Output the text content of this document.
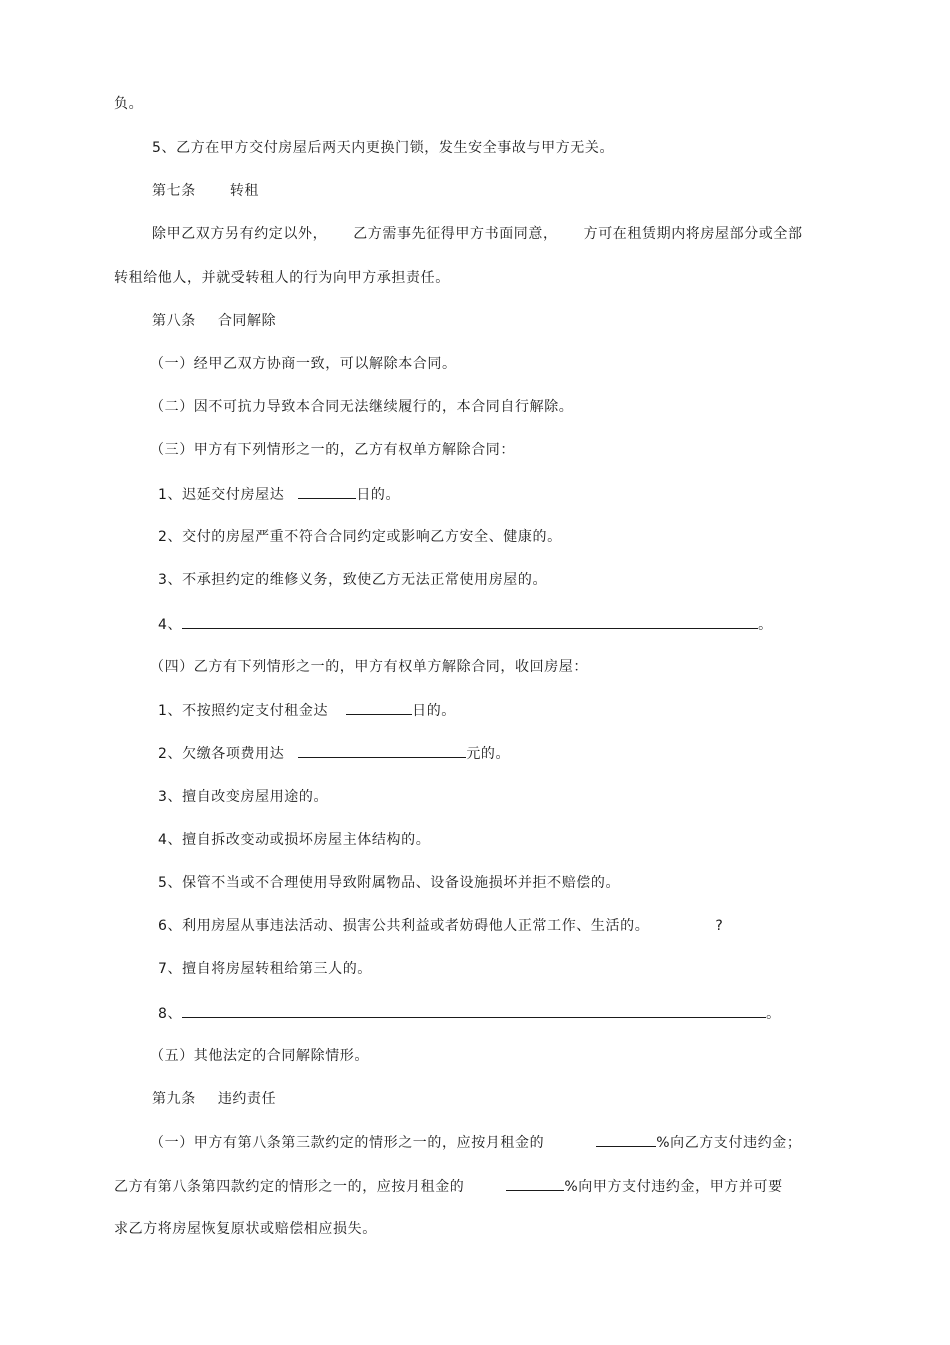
负。
5、乙方在甲方交付房屋后两天内更换门锁，发生安全事故与甲方无关。
第七条 转租
除甲乙双方另有约定以外， 乙方需事先征得甲方书面同意， 方可在租赁期内将房屋部分或全部
转租给他人，并就受转租人的行为向甲方承担责任。
第八条 合同解除
（一）经甲乙双方协商一致，可以解除本合同。
（二）因不可抗力导致本合同无法继续履行的，本合同自行解除。
（三）甲方有下列情形之一的，乙方有权单方解除合同：
1、迟延交付房屋达	日的。
2、交付的房屋严重不符合合同约定或影响乙方安全、健康的。
3、不承担约定的维修义务，致使乙方无法正常使用房屋的。
4、	。
（四）乙方有下列情形之一的，甲方有权单方解除合同，收回房屋：
1、不按照约定支付租金达	日的。
2、欠缴各项费用达	元的。
3、擅自改变房屋用途的。
4、擅自拆改变动或损坏房屋主体结构的。
5、保管不当或不合理使用导致附属物品、设备设施损坏并拒不赔偿的。
6、利用房屋从事违法活动、损害公共利益或者妨碍他人正常工作、生活的。	?
7、擅自将房屋转租给第三人的。
8、	。
（五）其他法定的合同解除情形。
第九条 违约责任
（一）甲方有第八条第三款约定的情形之一的，应按月租金的	%向乙方支付违约金；
乙方有第八条第四款约定的情形之一的，应按月租金的	%向甲方支付违约金，甲方并可要
求乙方将房屋恢复原状或赔偿相应损失。
